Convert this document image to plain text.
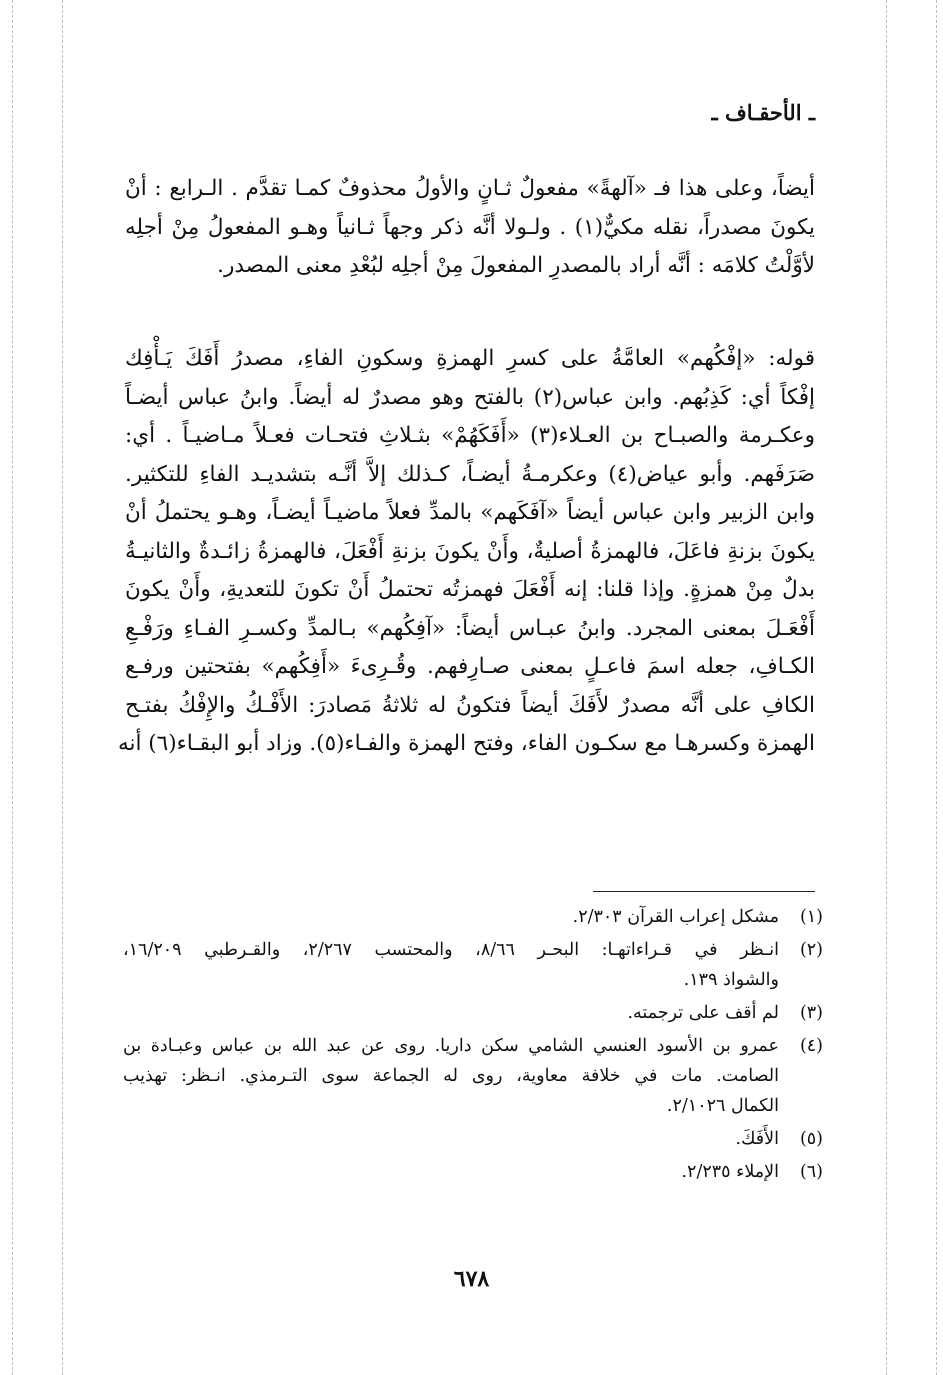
ـ الأحقـاف ـ
أيضاً، وعلى هذا فـ «آلهةً» مفعولٌ ثـانٍ والأولُ محذوفٌ كمـا تقدَّم . الـرابع : أنْ
يكونَ مصدراً، نقله مكيٌّ(١) . ولـولا أنَّه ذكر وجهاً ثـانياً وهـو المفعولُ مِنْ أجلِه
لأوَّلْتُ كلامَه : أنَّه أراد بالمصدرِ المفعولَ مِنْ أجلِه لبُعْدِ معنى المصدر.
قوله: «إفْكُهم» العامَّةُ على كسرِ الهمزةِ وسكونِ الفاءِ، مصدرُ أَفَكَ يَـأْفِك
إفْكاً أي: كَذِبُهم. وابن عباس(٢) بالفتح وهو مصدرٌ له أيضاً. وابنُ عباس أيضـاً
وعكـرمة والصبـاح بن العـلاء(٣) «أَفَكَهُمْ» بثـلاثِ فتحـات فعـلاً مـاضيـاً . أي:
صَرَفَهم. وأبو عياض(٤) وعكرمـةُ أيضـاً، كـذلك إلاَّ أنَّـه بتشديـد الفاءِ للتكثير.
وابن الزبير وابن عباس أيضاً «آفَكَهم» بالمدِّ فعلاً ماضيـاً أيضـاً، وهـو يحتملُ أنْ
يكونَ بزنةِ فاعَلَ، فالهمزةُ أصليةٌ، وأَنْ يكونَ بزنةِ أَفْعَلَ، فالهمزةُ زائـدةٌ والثانيـةُ
بدلٌ مِنْ همزةٍ. وإذا قلنا: إنه أَفْعَلَ فهمزتُه تحتملُ أَنْ تكونَ للتعديةِ، وأَنْ يكونَ
أَفْعَـلَ بمعنى المجرد. وابنُ عبـاس أيضاً: «آفِكُهم» بـالمدِّ وكسـرِ الفـاءِ ورَفْـعِ
الكـافِ، جعله اسمَ فاعـلٍ بمعنى صـارِفهم. وقُـرِىءَ «أَفِكُهم» بفتحتين ورفـع
الكافِ على أنَّه مصدرٌ لأَفَكَ أيضاً فتكونُ له ثلاثةُ مَصادرَ: الأَفْـكُ والإِفْكُ بفتـح
الهمزة وكسرهـا مع سكـون الفاء، وفتح الهمزة والفـاء(٥). وزاد أبو البقـاء(٦) أنه
(١)
مشكل إعراب القرآن ٢/٣٠٣.
(٢)
انـظر في قـراءاتهـا: البحـر ٨/٦٦، والمحتسب ٢/٢٦٧، والقـرطبي ١٦/٢٠٩،
والشواذ ١٣٩.
(٣)
لم أقف على ترجمته.
(٤)
عمرو بن الأسود العنسي الشامي سكن داريا. روى عن عبد الله بن عباس وعبـادة بن
الصامت. مات في خلافة معاوية، روى له الجماعة سوى التـرمذي. انـظر: تهذيب
الكمال ٢/١٠٢٦.
(٥)
الأَفَكَ.
(٦)
الإملاء ٢/٢٣٥.
٦٧٨
